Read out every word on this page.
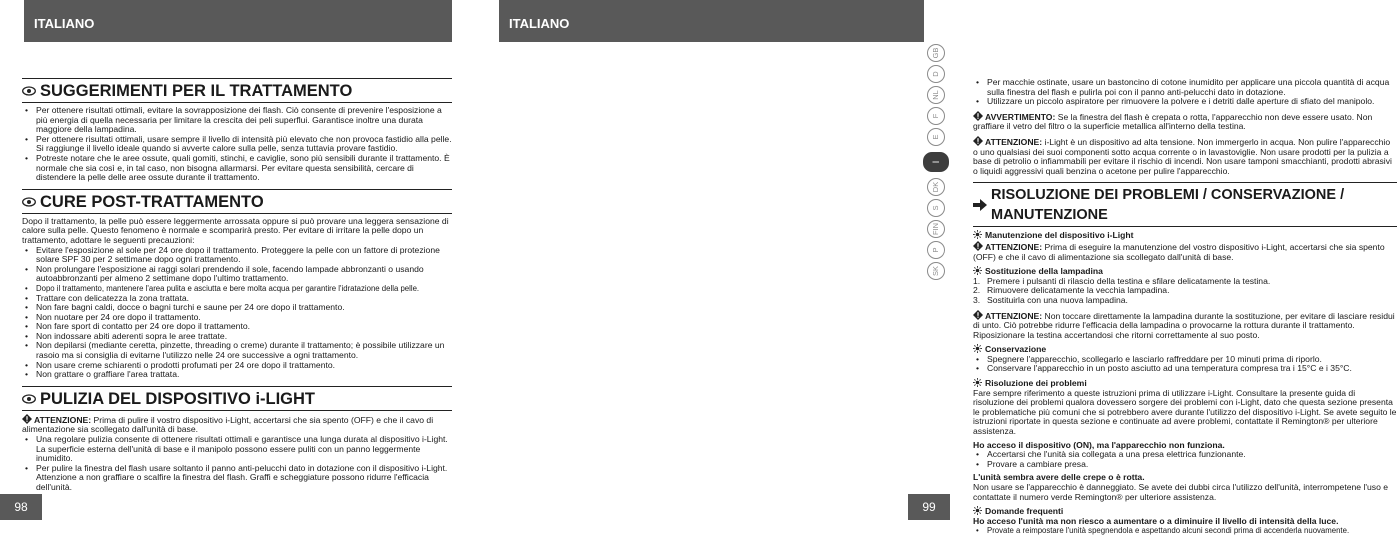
ITALIANO
SUGGERIMENTI PER IL TRATTAMENTO
• Per ottenere risultati ottimali, evitare la sovrapposizione dei flash. Ciò consente di prevenire l'esposizione a più energia di quella necessaria per limitare la crescita dei peli superflui. Garantisce inoltre una durata maggiore della lampadina.
• Per ottenere risultati ottimali, usare sempre il livello di intensità più elevato che non provoca fastidio alla pelle. Si raggiunge il livello ideale quando si avverte calore sulla pelle, senza tuttavia provare fastidio.
• Potreste notare che le aree ossute, quali gomiti, stinchi, e caviglie, sono più sensibili durante il trattamento. È normale che sia così e, in tal caso, non bisogna allarmarsi. Per evitare questa sensibilità, cercare di distendere la pelle delle aree ossute durante il trattamento.
CURE POST-TRATTAMENTO

Dopo il trattamento, la pelle può essere leggermente arrossata oppure si può provare una leggera sensazione di calore sulla pelle. Questo fenomeno è normale e scomparirà presto. Per evitare di irritare la pelle dopo un trattamento, adottare le seguenti precauzioni:

• Evitare l'esposizione al sole per 24 ore dopo il trattamento. Proteggere la pelle con un fattore di protezione solare SPF 30 per 2 settimane dopo ogni trattamento.
• Non prolungare l'esposizione ai raggi solari prendendo il sole, facendo lampade abbronzanti o usando autoabbronzanti per almeno 2 settimane dopo l'ultimo trattamento.
• Dopo il trattamento, mantenere l'area pulita e asciutta e bere molta acqua per garantire l'idratazione della pelle.
• Trattare con delicatezza la zona trattata.
• Non fare bagni caldi, docce o bagni turchi e saune per 24 ore dopo il trattamento.
• Non nuotare per 24 ore dopo il trattamento.
• Non fare sport di contatto per 24 ore dopo il trattamento.
• Non indossare abiti aderenti sopra le aree trattate.
• Non depilarsi (mediante ceretta, pinzette, threading o creme) durante il trattamento; è possibile utilizzare un rasoio ma si consiglia di evitarne l'utilizzo nelle 24 ore successive a ogni trattamento.
• Non usare creme schiarenti o prodotti profumati per 24 ore dopo il trattamento.
• Non grattare o graffiare l'area trattata.
PULIZIA DEL DISPOSITIVO i-LIGHT

ATTENZIONE: Prima di pulire il vostro dispositivo i-Light, accertarsi che sia spento (OFF) e che il cavo di alimentazione sia scollegato dall'unità di base.

• Una regolare pulizia consente di ottenere risultati ottimali e garantisce una lunga durata al dispositivo i-Light. La superficie esterna dell'unità di base e il manipolo possono essere puliti con un panno leggermente inumidito.
• Per pulire la finestra del flash usare soltanto il panno anti-pelucchi dato in dotazione con il dispositivo i-Light. Attenzione a non graffiare o scalfire la finestra del flash. Graffi e scheggiature possono ridurre l'efficacia dell'unità.
98
ITALIANO
• Per macchie ostinate, usare un bastoncino di cotone inumidito per applicare una piccola quantità di acqua sulla finestra del flash e pulirla poi con il panno anti-pelucchi dato in dotazione.
• Utilizzare un piccolo aspiratore per rimuovere la polvere e i detriti dalle aperture di sfiato del manipolo.

AVVERTIMENTO: Se la finestra del flash è crepata o rotta, l'apparecchio non deve essere usato. Non graffiare il vetro del filtro o la superficie metallica all'interno della testina.

ATTENZIONE: i-Light è un dispositivo ad alta tensione. Non immergerlo in acqua. Non pulire l'apparecchio o uno qualsiasi dei suoi componenti sotto acqua corrente o in lavastoviglie. Non usare prodotti per la pulizia a base di petrolio o infiammabili per evitare il rischio di incendi. Non usare tamponi smacchianti, prodotti abrasivi o liquidi aggressivi quali benzina o acetone per pulire l'apparecchio.

RISOLUZIONE DEI PROBLEMI / CONSERVAZIONE / MANUTENZIONE

Manutenzione del dispositivo i-Light

ATTENZIONE: Prima di eseguire la manutenzione del vostro dispositivo i-Light, accertarsi che sia spento (OFF) e che il cavo di alimentazione sia scollegato dall'unità di base.

Sostituzione della lampadina

1. Premere i pulsanti di rilascio della testina e sfilare delicatamente la testina.
2. Rimuovere delicatamente la vecchia lampadina.
3. Sostituirla con una nuova lampadina.

ATTENZIONE: Non toccare direttamente la lampadina durante la sostituzione, per evitare di lasciare residui di unto. Ciò potrebbe ridurre l'efficacia della lampadina o provocarne la rottura durante il trattamento. Riposizionare la testina accertandosi che ritorni correttamente al suo posto.

Conservazione

• Spegnere l'apparecchio, scollegarlo e lasciarlo raffreddare per 10 minuti prima di riporlo.
• Conservare l'apparecchio in un posto asciutto ad una temperatura compresa tra i 15°C e i 35°C.

Risoluzione dei problemi

Fare sempre riferimento a queste istruzioni prima di utilizzare i-Light. Consultare la presente guida di risoluzione dei problemi qualora dovessero sorgere dei problemi con i-Light, dato che questa sezione presenta le problematiche più comuni che si potrebbero avere durante l'utilizzo del dispositivo i-Light. Se avete seguito le istruzioni riportate in questa sezione e continuate ad avere problemi, contattate il Remington® per ulteriore assistenza.

Ho acceso il dispositivo (ON), ma l'apparecchio non funziona.

• Accertarsi che l'unità sia collegata a una presa elettrica funzionante.
• Provare a cambiare presa.

L'unità sembra avere delle crepe o è rotta.

Non usare se l'apparecchio è danneggiato. Se avete dei dubbi circa l'utilizzo dell'unità, interrompetene l'uso e contattate il numero verde Remington® per ulteriore assistenza.

Domande frequenti

Ho acceso l'unità ma non riesco a aumentare o a diminuire il livello di intensità della luce.

• Provate a reimpostare l'unità spegnendola e aspettando alcuni secondi prima di accenderla nuovamente.
GB
D
NL
F
E
I
DK
S
FIN
P
SK
99
